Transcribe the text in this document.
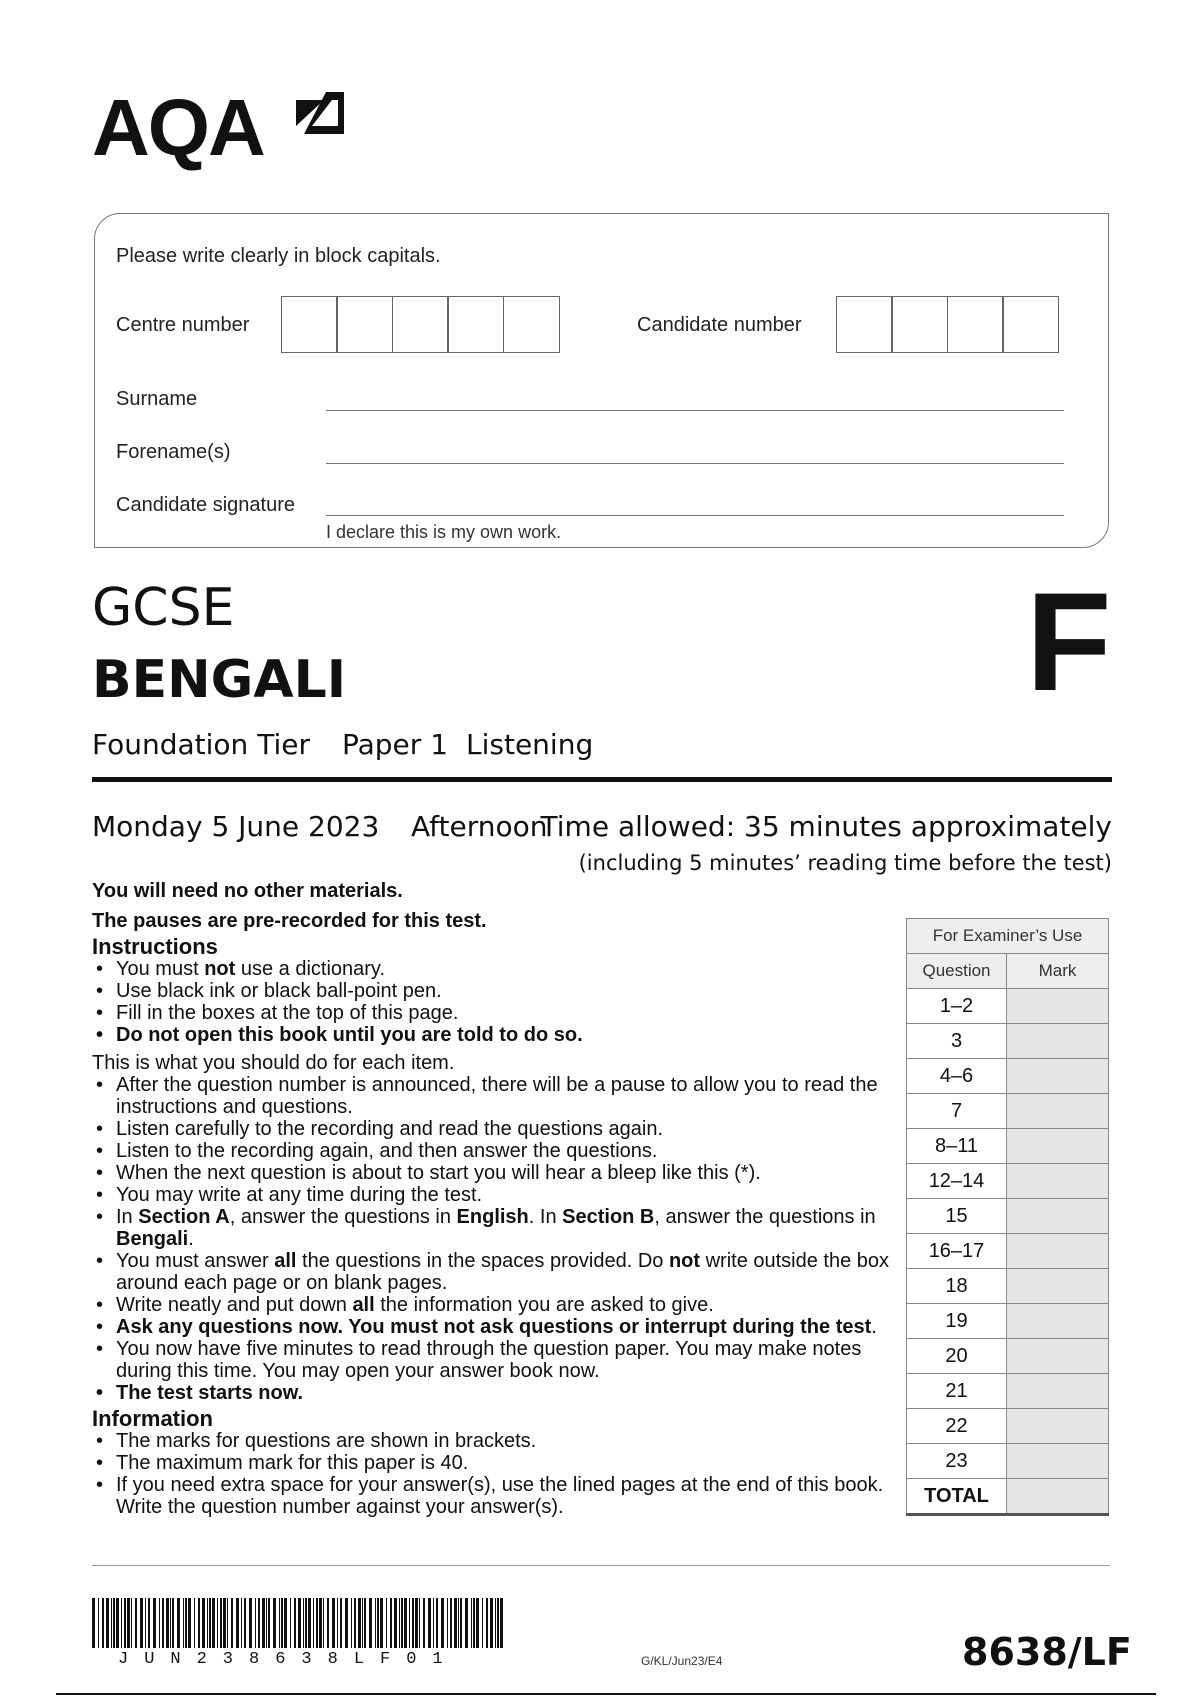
AQA
Please write clearly in block capitals.
Centre number	Candidate number
Surname
Forename(s)
Candidate signature
I declare this is my own work.
GCSE
BENGALI	F
Foundation Tier Paper 1 Listening
Monday 5 June 2023 Afternoon
Time allowed: 35 minutes approximately
(including 5 minutes’ reading time before the test)

You will need no other materials.

The pauses are pre-recorded for this test.

Instructions

• You must not use a dictionary.
• Use black ink or black ball-point pen.
• Fill in the boxes at the top of this page.
• Do not open this book until you are told to do so.

This is what you should do for each item.

• After the question number is announced, there will be a pause to allow you to read the instructions and questions.
• Listen carefully to the recording and read the questions again.
• Listen to the recording again, and then answer the questions.
• When the next question is about to start you will hear a bleep like this (*).
• You may write at any time during the test.
• In Section A, answer the questions in English. In Section B, answer the questions in Bengali.
• You must answer all the questions in the spaces provided. Do not write outside the box around each page or on blank pages.
• Write neatly and put down all the information you are asked to give.
• Ask any questions now. You must not ask questions or interrupt during the test.
• You now have five minutes to read through the question paper. You may make notes during this time. You may open your answer book now.
• The test starts now.

Information

• The marks for questions are shown in brackets.
• The maximum mark for this paper is 40.
• If you need extra space for your answer(s), use the lined pages at the end of this book. Write the question number against your answer(s).
For Examiner’s Use	
Question	Mark
1–2	
3	
4–6	
7	
8–11	
12–14	
15	
16–17	
18	
19	
20	
21	
22	
23	
TOTAL	
JUN238638LF01	G/KL/Jun23/E4	8638/LF
